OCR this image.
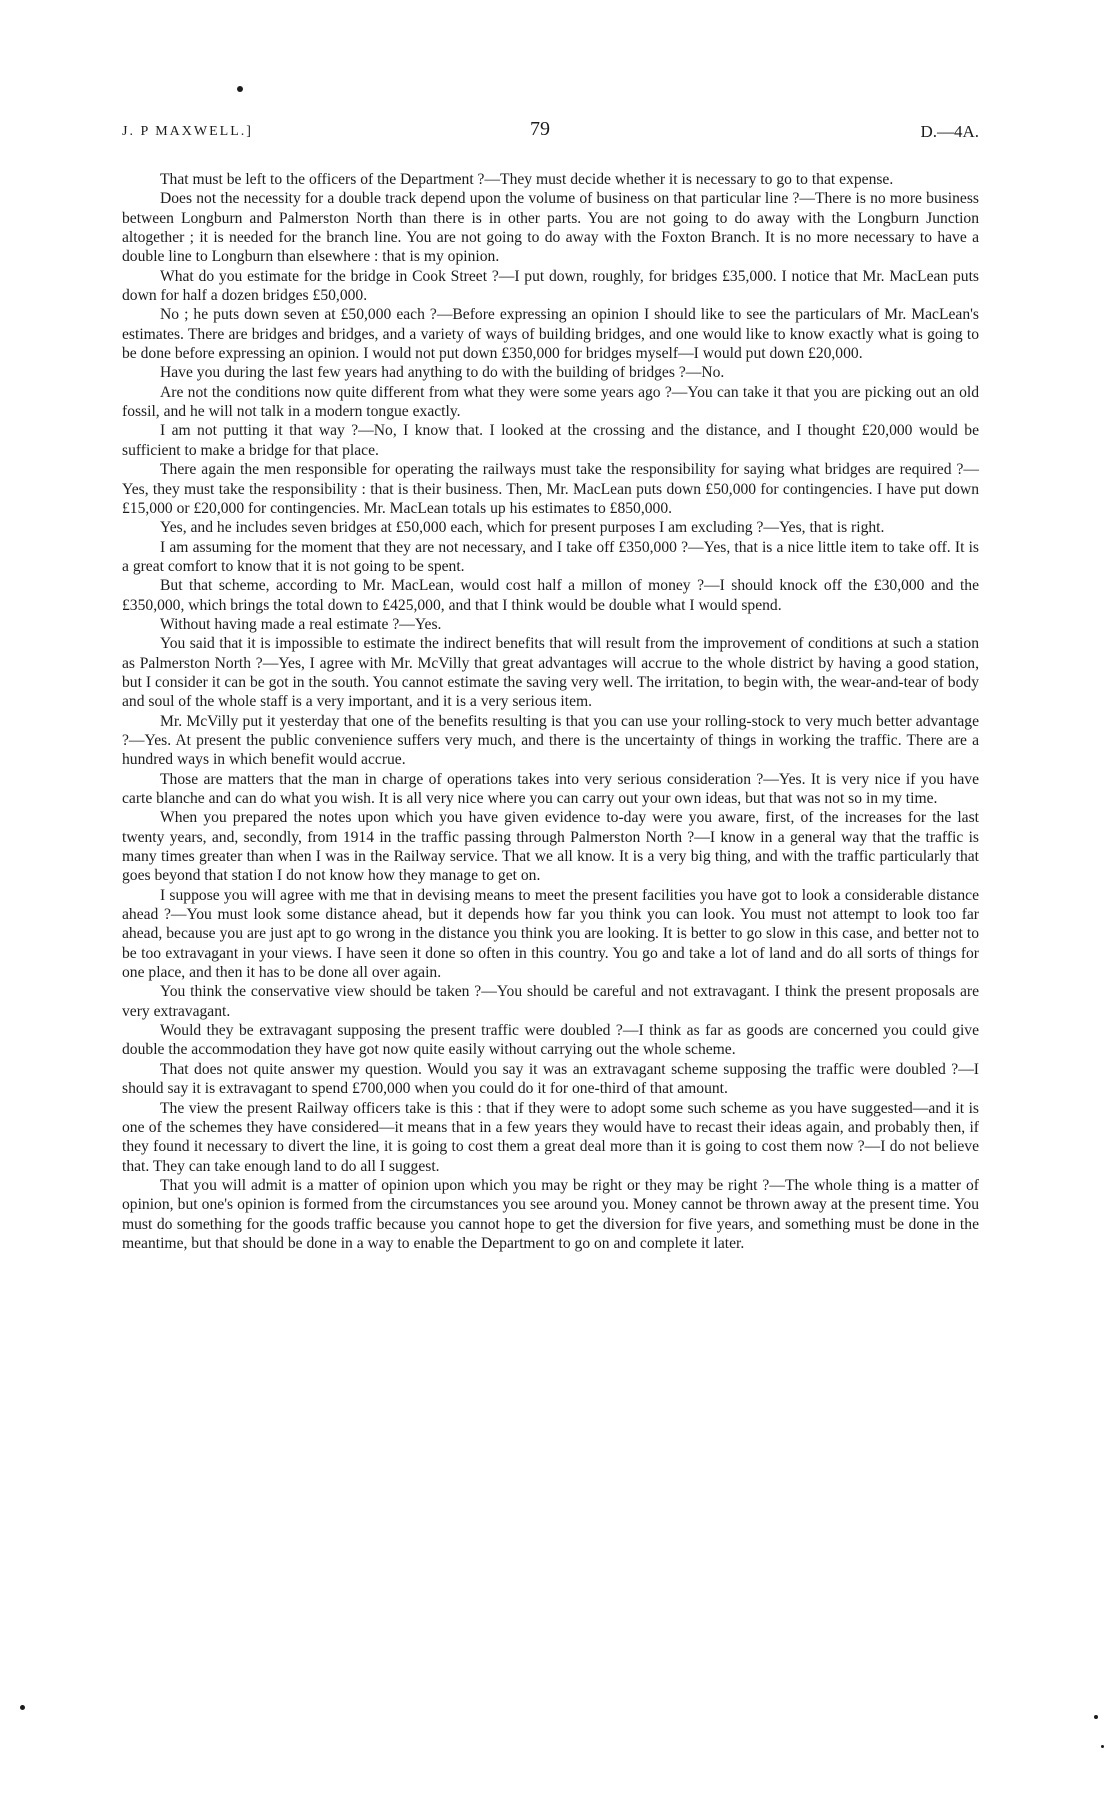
J. P MAXWELL.]	79	D.—4A.

That must be left to the officers of the Department ?—They must decide whether it is necessary to go to that expense.

Does not the necessity for a double track depend upon the volume of business on that particular line ?—There is no more business between Longburn and Palmerston North than there is in other parts. You are not going to do away with the Longburn Junction altogether ; it is needed for the branch line. You are not going to do away with the Foxton Branch. It is no more necessary to have a double line to Longburn than elsewhere : that is my opinion.

What do you estimate for the bridge in Cook Street ?—I put down, roughly, for bridges £35,000. I notice that Mr. MacLean puts down for half a dozen bridges £50,000.

No ; he puts down seven at £50,000 each ?—Before expressing an opinion I should like to see the particulars of Mr. MacLean's estimates. There are bridges and bridges, and a variety of ways of building bridges, and one would like to know exactly what is going to be done before expressing an opinion. I would not put down £350,000 for bridges myself—I would put down £20,000.

Have you during the last few years had anything to do with the building of bridges ?—No.

Are not the conditions now quite different from what they were some years ago ?—You can take it that you are picking out an old fossil, and he will not talk in a modern tongue exactly.

I am not putting it that way ?—No, I know that. I looked at the crossing and the distance, and I thought £20,000 would be sufficient to make a bridge for that place.

There again the men responsible for operating the railways must take the responsibility for saying what bridges are required ?—Yes, they must take the responsibility : that is their business. Then, Mr. MacLean puts down £50,000 for contingencies. I have put down £15,000 or £20,000 for contingencies. Mr. MacLean totals up his estimates to £850,000.

Yes, and he includes seven bridges at £50,000 each, which for present purposes I am excluding ?—Yes, that is right.

I am assuming for the moment that they are not necessary, and I take off £350,000 ?—Yes, that is a nice little item to take off. It is a great comfort to know that it is not going to be spent.

But that scheme, according to Mr. MacLean, would cost half a millon of money ?—I should knock off the £30,000 and the £350,000, which brings the total down to £425,000, and that I think would be double what I would spend.

Without having made a real estimate ?—Yes.

You said that it is impossible to estimate the indirect benefits that will result from the improvement of conditions at such a station as Palmerston North ?—Yes, I agree with Mr. McVilly that great advantages will accrue to the whole district by having a good station, but I consider it can be got in the south. You cannot estimate the saving very well. The irritation, to begin with, the wear-and-tear of body and soul of the whole staff is a very important, and it is a very serious item.

Mr. McVilly put it yesterday that one of the benefits resulting is that you can use your rolling-stock to very much better advantage ?—Yes. At present the public convenience suffers very much, and there is the uncertainty of things in working the traffic. There are a hundred ways in which benefit would accrue.

Those are matters that the man in charge of operations takes into very serious consideration ?—Yes. It is very nice if you have carte blanche and can do what you wish. It is all very nice where you can carry out your own ideas, but that was not so in my time.

When you prepared the notes upon which you have given evidence to-day were you aware, first, of the increases for the last twenty years, and, secondly, from 1914 in the traffic passing through Palmerston North ?—I know in a general way that the traffic is many times greater than when I was in the Railway service. That we all know. It is a very big thing, and with the traffic particularly that goes beyond that station I do not know how they manage to get on.

I suppose you will agree with me that in devising means to meet the present facilities you have got to look a considerable distance ahead ?—You must look some distance ahead, but it depends how far you think you can look. You must not attempt to look too far ahead, because you are just apt to go wrong in the distance you think you are looking. It is better to go slow in this case, and better not to be too extravagant in your views. I have seen it done so often in this country. You go and take a lot of land and do all sorts of things for one place, and then it has to be done all over again.

You think the conservative view should be taken ?—You should be careful and not extravagant. I think the present proposals are very extravagant.

Would they be extravagant supposing the present traffic were doubled ?—I think as far as goods are concerned you could give double the accommodation they have got now quite easily without carrying out the whole scheme.

That does not quite answer my question. Would you say it was an extravagant scheme supposing the traffic were doubled ?—I should say it is extravagant to spend £700,000 when you could do it for one-third of that amount.

The view the present Railway officers take is this : that if they were to adopt some such scheme as you have suggested—and it is one of the schemes they have considered—it means that in a few years they would have to recast their ideas again, and probably then, if they found it necessary to divert the line, it is going to cost them a great deal more than it is going to cost them now ?—I do not believe that. They can take enough land to do all I suggest.

That you will admit is a matter of opinion upon which you may be right or they may be right ?—The whole thing is a matter of opinion, but one's opinion is formed from the circumstances you see around you. Money cannot be thrown away at the present time. You must do something for the goods traffic because you cannot hope to get the diversion for five years, and something must be done in the meantime, but that should be done in a way to enable the Department to go on and complete it later.
